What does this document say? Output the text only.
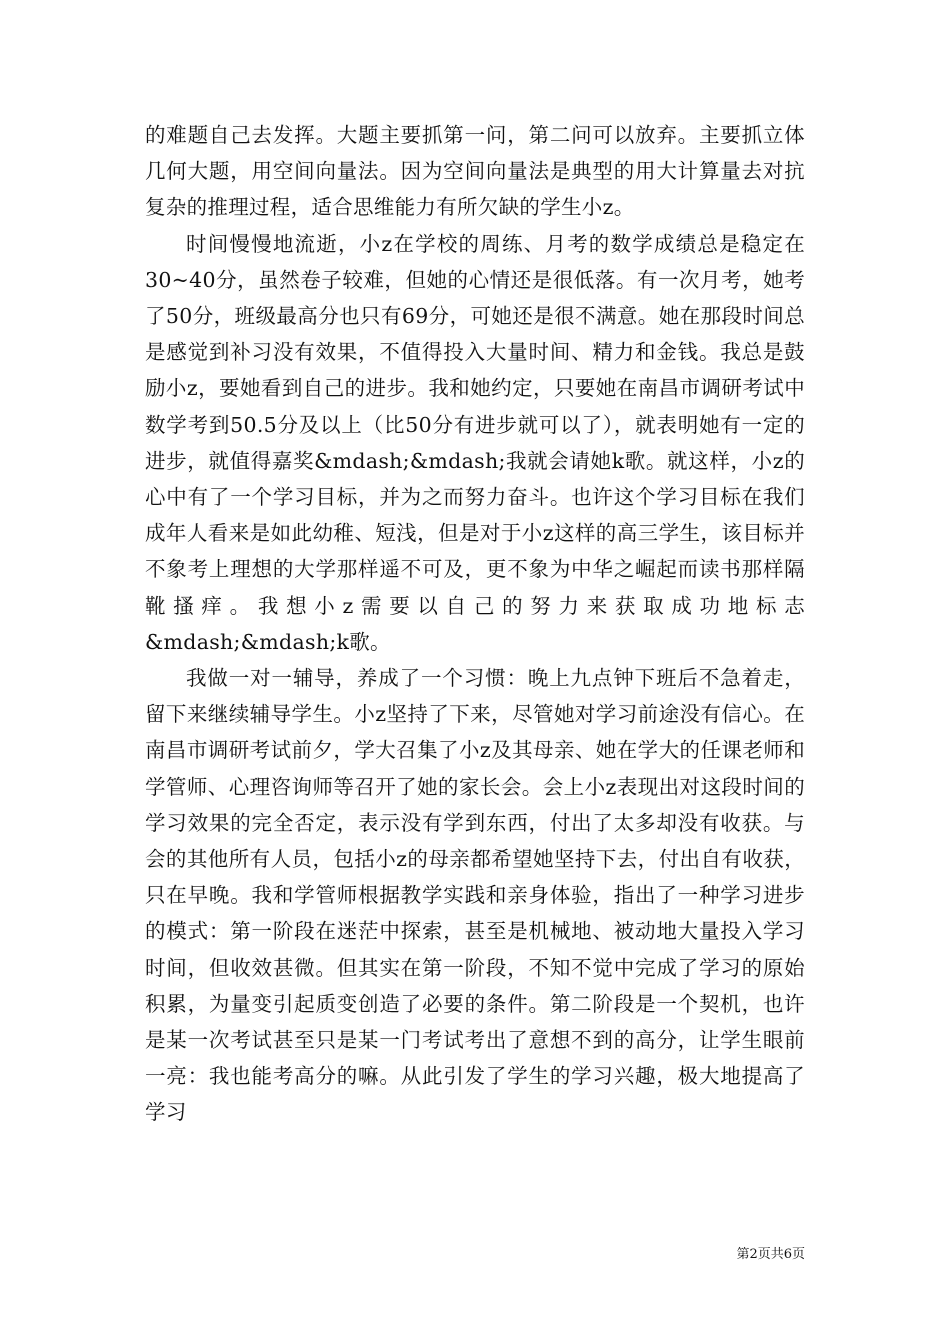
的难题自己去发挥。大题主要抓第一问，第二问可以放弃。主要抓立体几何大题，用空间向量法。因为空间向量法是典型的用大计算量去对抗复杂的推理过程，适合思维能力有所欠缺的学生小z。

时间慢慢地流逝，小z在学校的周练、月考的数学成绩总是稳定在30~40分，虽然卷子较难，但她的心情还是很低落。有一次月考，她考了50分，班级最高分也只有69分，可她还是很不满意。她在那段时间总是感觉到补习没有效果，不值得投入大量时间、精力和金钱。我总是鼓励小z，要她看到自己的进步。我和她约定，只要她在南昌市调研考试中数学考到50.5分及以上（比50分有进步就可以了），就表明她有一定的进步，就值得嘉奖&mdash;&mdash;我就会请她k歌。就这样，小z的心中有了一个学习目标，并为之而努力奋斗。也许这个学习目标在我们成年人看来是如此幼稚、短浅，但是对于小z这样的高三学生，该目标并不象考上理想的大学那样遥不可及，更不象为中华之崛起而读书那样隔靴搔痒。我想小z需要以自己的努力来获取成功地标志&mdash;&mdash;k歌。

我做一对一辅导，养成了一个习惯：晚上九点钟下班后不急着走，留下来继续辅导学生。小z坚持了下来，尽管她对学习前途没有信心。在南昌市调研考试前夕，学大召集了小z及其母亲、她在学大的任课老师和学管师、心理咨询师等召开了她的家长会。会上小z表现出对这段时间的学习效果的完全否定，表示没有学到东西，付出了太多却没有收获。与会的其他所有人员，包括小z的母亲都希望她坚持下去，付出自有收获，只在早晚。我和学管师根据教学实践和亲身体验，指出了一种学习进步的模式：第一阶段在迷茫中探索，甚至是机械地、被动地大量投入学习时间，但收效甚微。但其实在第一阶段，不知不觉中完成了学习的原始积累，为量变引起质变创造了必要的条件。第二阶段是一个契机，也许是某一次考试甚至只是某一门考试考出了意想不到的高分，让学生眼前一亮：我也能考高分的嘛。从此引发了学生的学习兴趣，极大地提高了学习

第2页共6页
